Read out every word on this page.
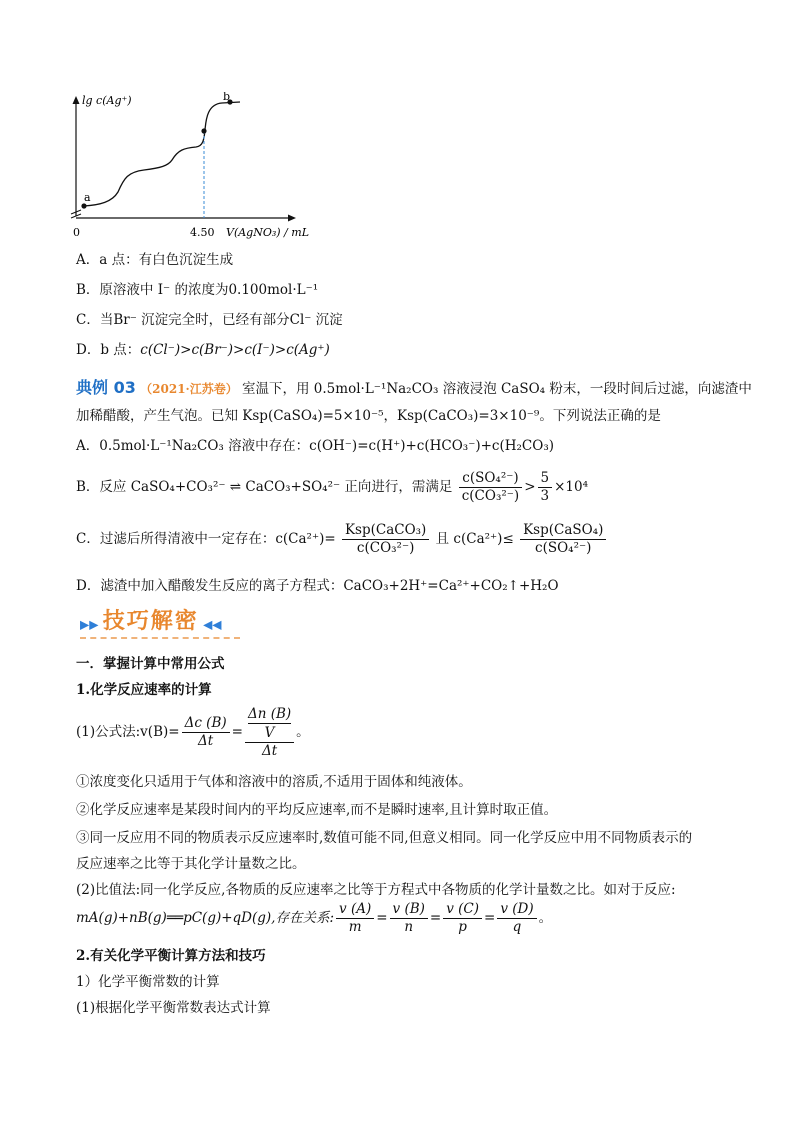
lg c(Ag⁺)
a
b
0	4.50 V(AgNO₃) / mL
A．a 点：有白色沉淀生成
B．原溶液中 I⁻ 的浓度为0.100mol·L⁻¹
C．当Br⁻ 沉淀完全时，已经有部分Cl⁻ 沉淀
D．b 点：c(Cl⁻)>c(Br⁻)>c(I⁻)>c(Ag⁺)
典例 03 （2021·江苏卷） 室温下，用 0.5mol·L⁻¹Na₂CO₃ 溶液浸泡 CaSO₄ 粉末，一段时间后过滤，向滤渣中
加稀醋酸，产生气泡。已知 Ksp(CaSO₄)=5×10⁻⁵，Ksp(CaCO₃)=3×10⁻⁹。下列说法正确的是
A．0.5mol·L⁻¹Na₂CO₃ 溶液中存在：c(OH⁻)=c(H⁺)+c(HCO₃⁻)+c(H₂CO₃)
B．反应 CaSO₄+CO₃²⁻ ⇌ CaCO₃+SO₄²⁻ 正向进行，需满足 $\frac{\text{c(SO₄²⁻)}}{\text{c(CO₃²⁻)}} > \frac{5}{3} \times 10^4$
C．过滤后所得清液中一定存在：$c(Ca^{2+})= \frac{\text{Ksp(CaCO₃)}}{\text{c(CO₃²⁻)}}$ 且 $c(Ca^{2+})\le \frac{\text{Ksp(CaSO₄)}}{\text{c(SO₄²⁻)}}$
D．滤渣中加入醋酸发生反应的离子方程式：CaCO₃+2H⁺=Ca²⁺+CO₂↑+H₂O
▶▶ 技巧解密 ◀◀
一．掌握计算中常用公式
1.化学反应速率的计算
(1)公式法:v(B)= $\frac{\Delta c (B)}{\Delta t} = \Delta n$ (B)
V
Δt 。
①浓度变化只适用于气体和溶液中的溶质,不适用于固体和纯液体。
②化学反应速率是某段时间内的平均反应速率,而不是瞬时速率,且计算时取正值。
③同一反应用不同的物质表示反应速率时,数值可能不同,但意义相同。同一化学反应中用不同物质表示的
反应速率之比等于其化学计量数之比。
(2)比值法:同一化学反应,各物质的反应速率之比等于方程式中各物质的化学计量数之比。如对于反应:
mA(g)+nB(g)══pC(g)+qD(g),存在关系: $\frac{v (A)}{m} = \frac{v (B)}{n} = \frac{v (C)}{p} = \frac{v (D)}{q}$ 。
2.有关化学平衡计算方法和技巧
1）化学平衡常数的计算
(1)根据化学平衡常数表达式计算
